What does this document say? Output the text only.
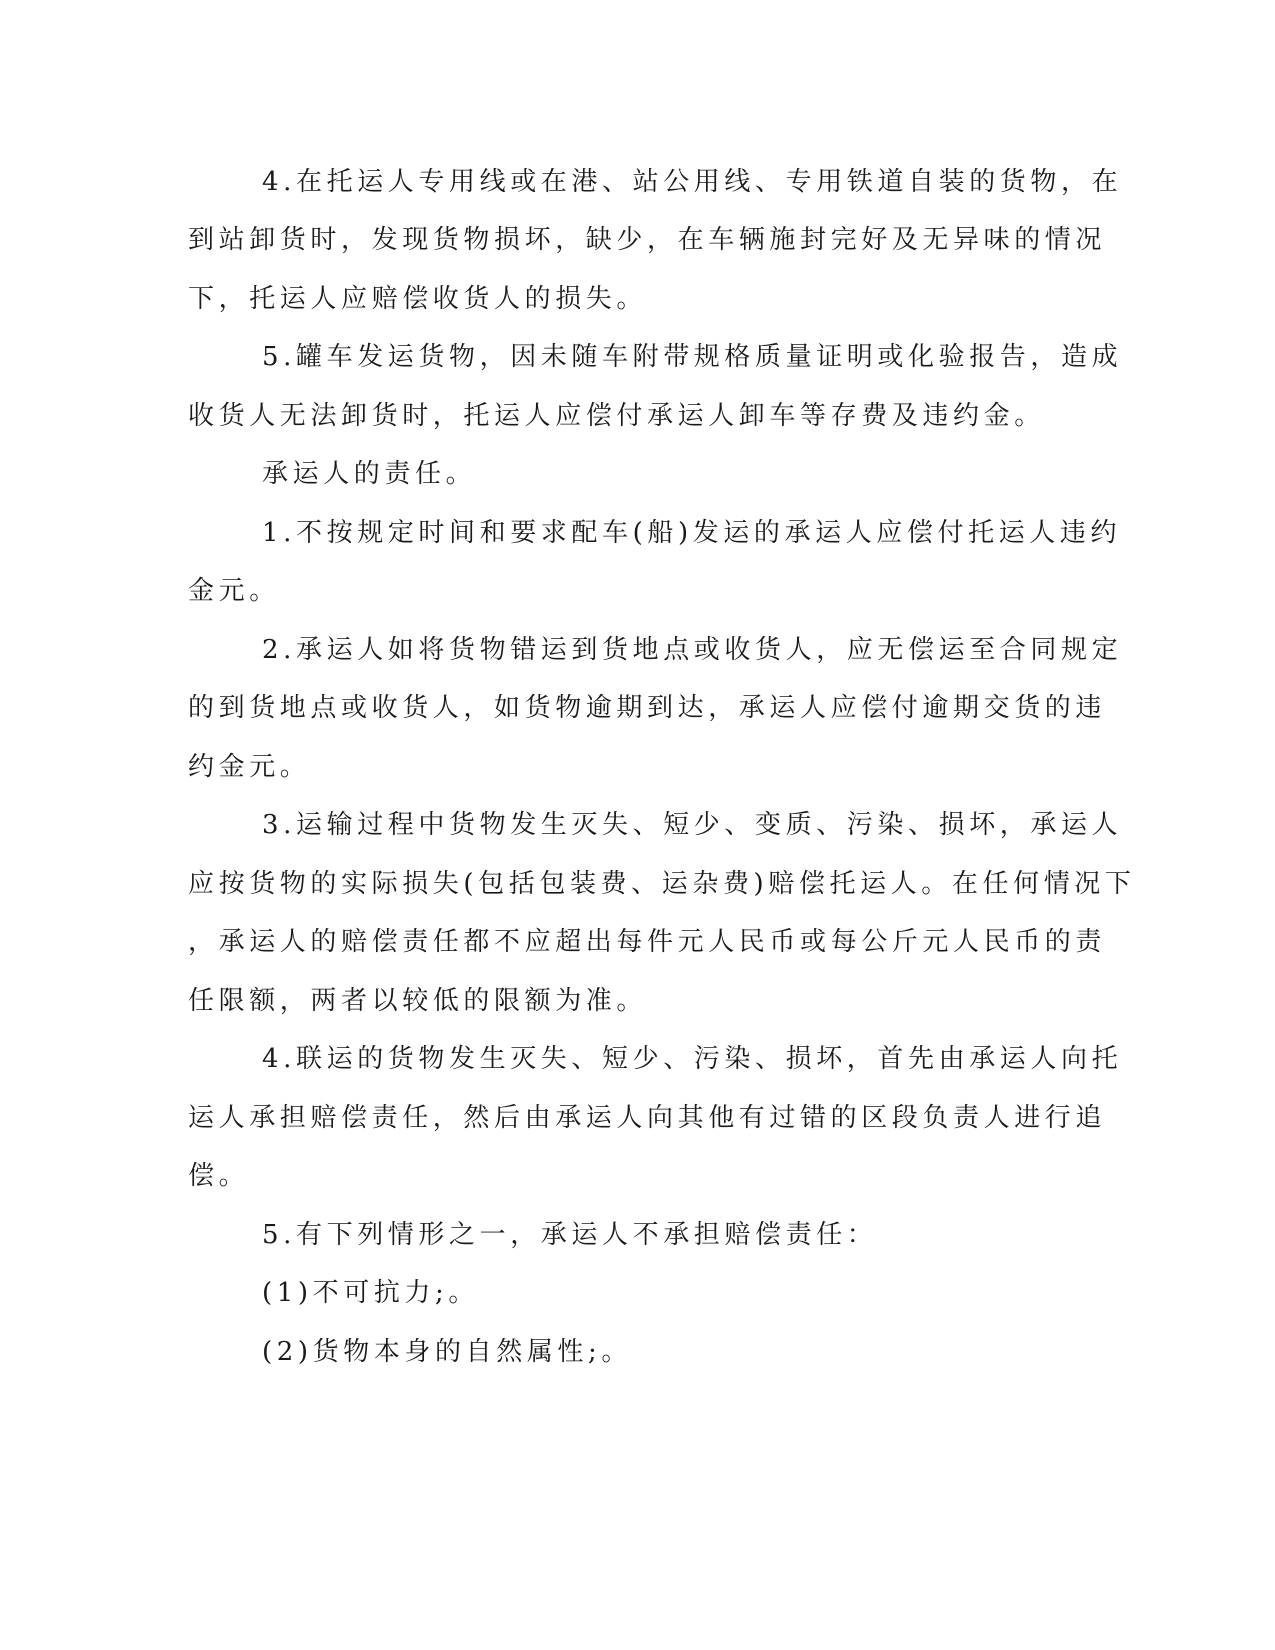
4.在托运人专用线或在港、站公用线、专用铁道自装的货物，在
到站卸货时，发现货物损坏，缺少，在车辆施封完好及无异味的情况
下，托运人应赔偿收货人的损失。
5.罐车发运货物，因未随车附带规格质量证明或化验报告，造成
收货人无法卸货时，托运人应偿付承运人卸车等存费及违约金。
承运人的责任。
1.不按规定时间和要求配车(船)发运的承运人应偿付托运人违约
金元。
2.承运人如将货物错运到货地点或收货人，应无偿运至合同规定
的到货地点或收货人，如货物逾期到达，承运人应偿付逾期交货的违
约金元。
3.运输过程中货物发生灭失、短少、变质、污染、损坏，承运人
应按货物的实际损失(包括包装费、运杂费)赔偿托运人。在任何情况下
，承运人的赔偿责任都不应超出每件元人民币或每公斤元人民币的责
任限额，两者以较低的限额为准。
4.联运的货物发生灭失、短少、污染、损坏，首先由承运人向托
运人承担赔偿责任，然后由承运人向其他有过错的区段负责人进行追
偿。
5.有下列情形之一，承运人不承担赔偿责任：
(1)不可抗力;。
(2)货物本身的自然属性;。
